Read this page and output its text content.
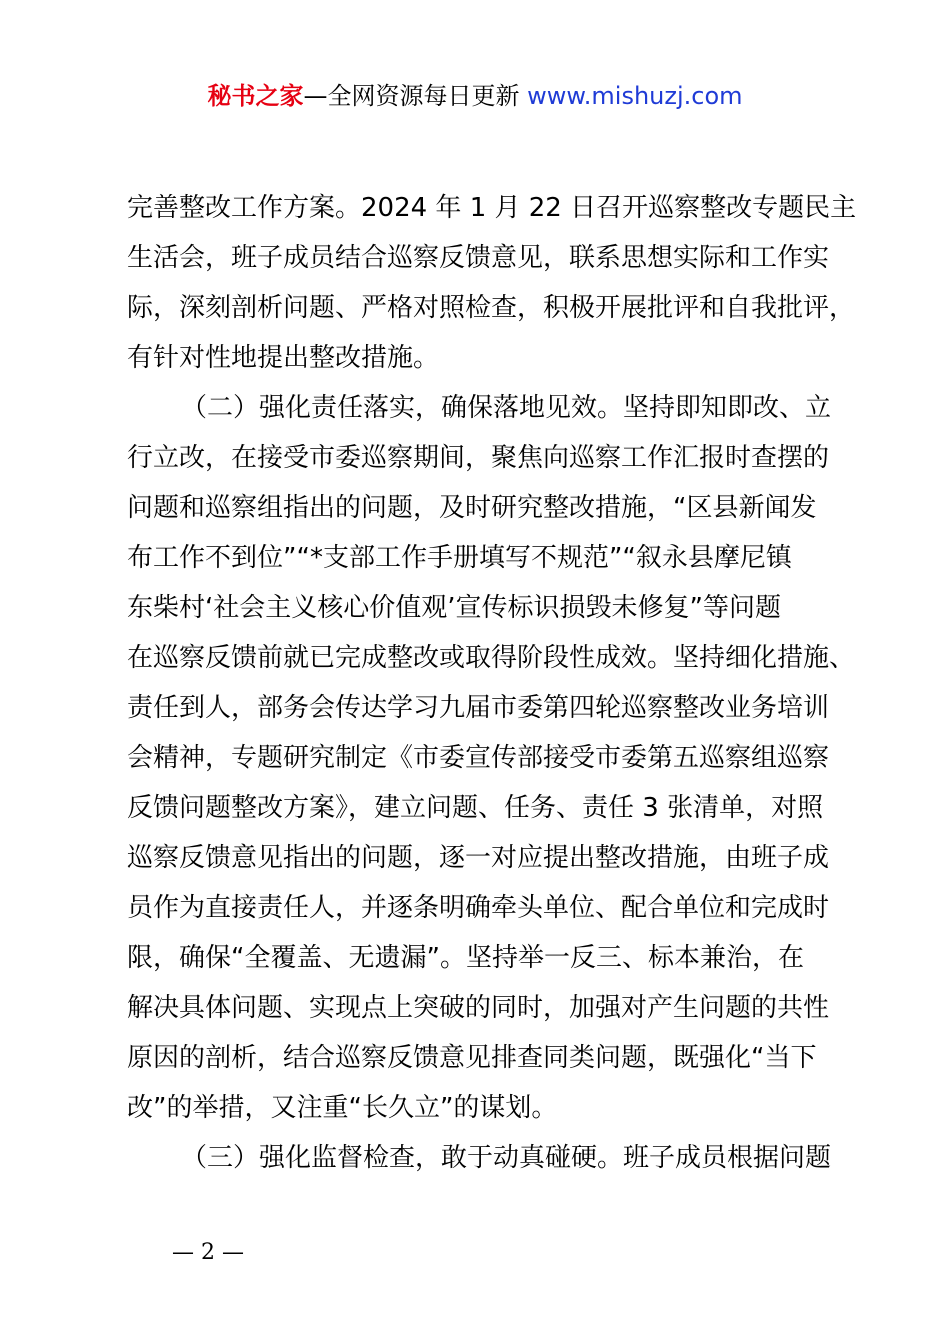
秘书之家—全网资源每日更新 www.mishuzj.com
完善整改工作方案。2024 年 1 月 22 日召开巡察整改专题民主
生活会，班子成员结合巡察反馈意见，联系思想实际和工作实
际，深刻剖析问题、严格对照检查，积极开展批评和自我批评，
有针对性地提出整改措施。
（二）强化责任落实，确保落地见效。坚持即知即改、立
行立改，在接受市委巡察期间，聚焦向巡察工作汇报时查摆的
问题和巡察组指出的问题，及时研究整改措施，“区县新闻发
布工作不到位”“*支部工作手册填写不规范”“叙永县摩尼镇
东柴村‘社会主义核心价值观’宣传标识损毁未修复”等问题
在巡察反馈前就已完成整改或取得阶段性成效。坚持细化措施、
责任到人，部务会传达学习九届市委第四轮巡察整改业务培训
会精神，专题研究制定《市委宣传部接受市委第五巡察组巡察
反馈问题整改方案》，建立问题、任务、责任 3 张清单，对照
巡察反馈意见指出的问题，逐一对应提出整改措施，由班子成
员作为直接责任人，并逐条明确牵头单位、配合单位和完成时
限，确保“全覆盖、无遗漏”。坚持举一反三、标本兼治，在
解决具体问题、实现点上突破的同时，加强对产生问题的共性
原因的剖析，结合巡察反馈意见排查同类问题，既强化“当下
改”的举措，又注重“长久立”的谋划。
（三）强化监督检查，敢于动真碰硬。班子成员根据问题
— 2 —
